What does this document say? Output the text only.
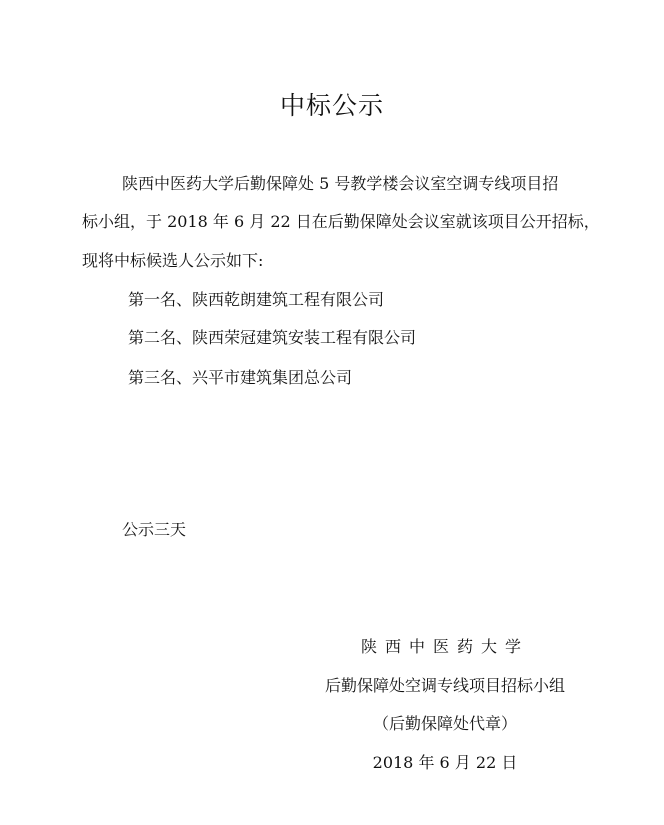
中标公示
陕西中医药大学后勤保障处 5 号教学楼会议室空调专线项目招
标小组，于 2018 年 6 月 22 日在后勤保障处会议室就该项目公开招标，
现将中标候选人公示如下:
第一名、陕西乾朗建筑工程有限公司
第二名、陕西荣冠建筑安装工程有限公司
第三名、兴平市建筑集团总公司
公示三天
陕西中医药大学
后勤保障处空调专线项目招标小组
（后勤保障处代章）
2018 年 6 月 22 日
